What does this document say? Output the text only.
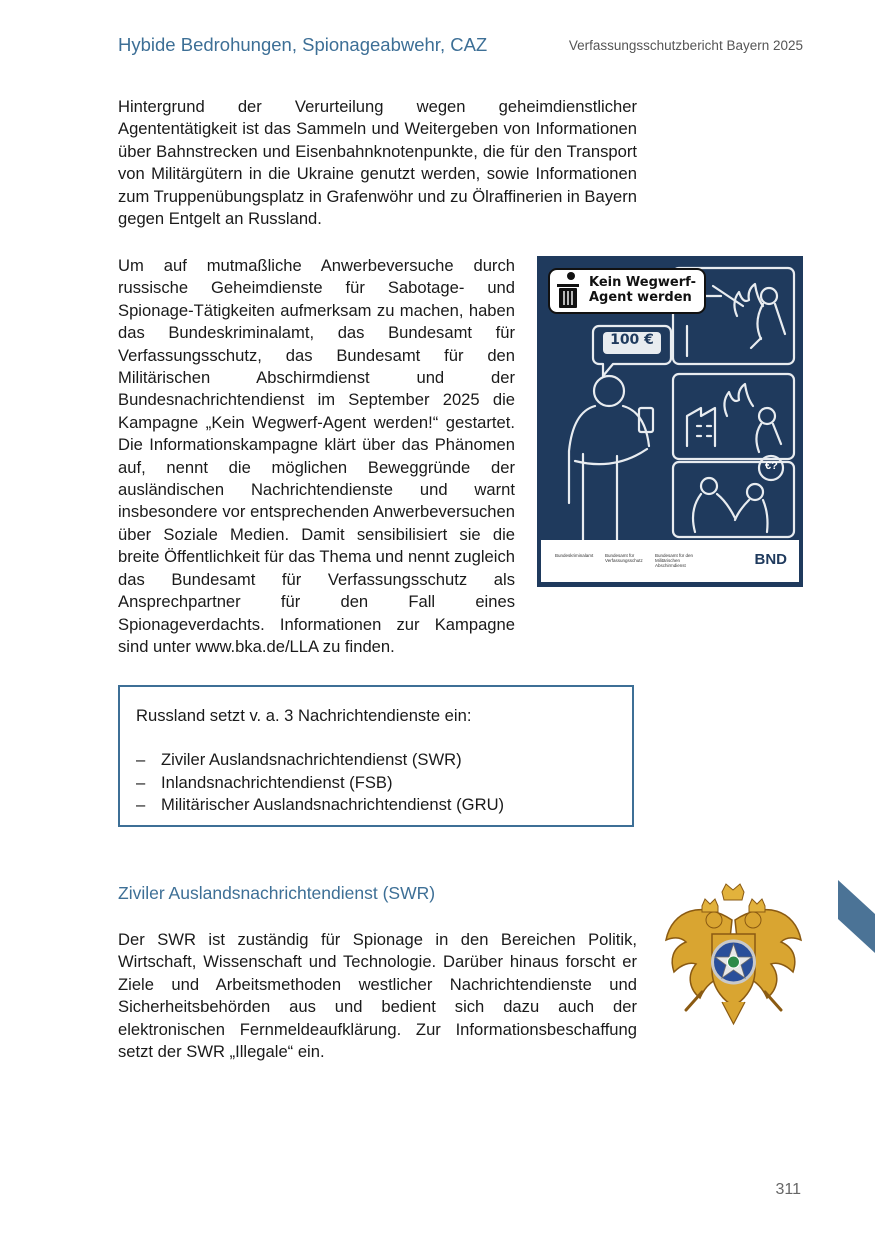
Hybide Bedrohungen, Spionageabwehr, CAZ	Verfassungsschutzbericht Bayern 2025

Hintergrund der Verurteilung wegen geheimdienstlicher Agententätigkeit ist das Sammeln und Weitergeben von Informationen über Bahnstrecken und Eisenbahnknotenpunkte, die für den Transport von Militärgütern in die Ukraine genutzt werden, sowie Informationen zum Truppenübungsplatz in Grafenwöhr und zu Ölraffinerien in Bayern gegen Entgelt an Russland.

Um auf mutmaßliche Anwerbeversuche durch russische Geheimdienste für Sabotage- und Spionage-Tätigkeiten aufmerksam zu machen, haben das Bundeskriminalamt, das Bundesamt für Verfassungsschutz, das Bundesamt für den Militärischen Abschirmdienst und der Bundesnachrichtendienst im September 2025 die Kampagne „Kein Wegwerf-Agent werden!“ gestartet. Die Informationskampagne klärt über das Phänomen auf, nennt die möglichen Beweggründe der ausländischen Nachrichtendienste und warnt insbesondere vor entsprechenden Anwerbeversuchen über Soziale Medien. Damit sensibilisiert sie die breite Öffentlichkeit für das Thema und nennt zugleich das Bundesamt für Verfassungsschutz als Ansprechpartner für den Fall eines Spionageverdachts. Informationen zur Kampagne sind unter www.bka.de/LLA zu finden.

Kein Wegwerf-Agent werden
100 €
€?
Bundeskriminalamt	Bundesamt für Verfassungsschutz
Bundesamt für den Militärischen Abschirmdienst	BND
Russland setzt v. a. 3 Nachrichtendienste ein:
– Ziviler Auslandsnachrichtendienst (SWR)
– Inlandsnachrichtendienst (FSB)
– Militärischer Auslandsnachrichtendienst (GRU)
Ziviler Auslandsnachrichtendienst (SWR)

Der SWR ist zuständig für Spionage in den Bereichen Politik, Wirtschaft, Wissenschaft und Technologie. Darüber hinaus forscht er Ziele und Arbeitsmethoden westlicher Nachrichtendienste und Sicherheitsbehörden aus und bedient sich dazu auch der elektronischen Fernmeldeaufklärung. Zur Informationsbeschaffung setzt der SWR „Illegale“ ein.

311
